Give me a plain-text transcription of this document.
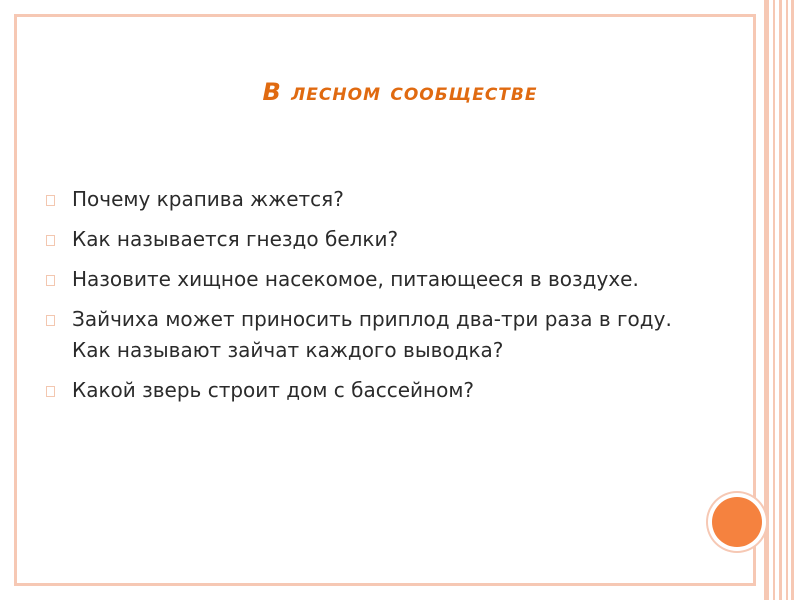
В лесном сообществе
Почему крапива жжется?
Как называется гнездо белки?
Назовите хищное насекомое, питающееся в воздухе.
Зайчиха может приносить приплод два-три раза в году. Как называют зайчат каждого выводка?
Какой зверь строит дом с бассейном?
